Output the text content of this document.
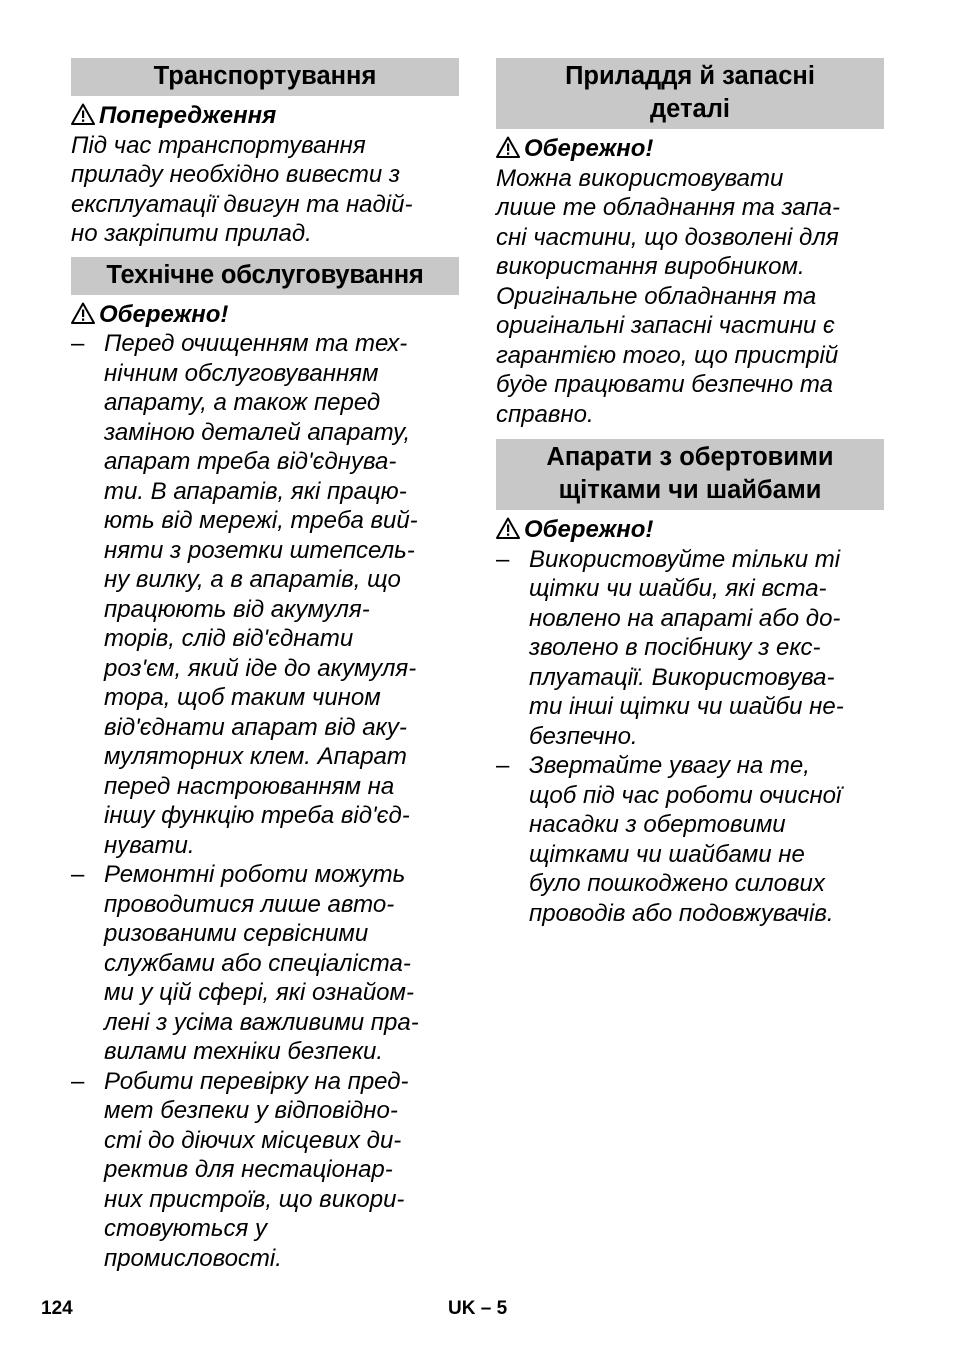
Транспортування
Попередження

Під час транспортування

приладу необхідно вивести з

експлуатації двигун та надій-

но закріпити прилад.

Технічне обслуговування
Обережно!
– Перед очищенням та тех-

нічним обслуговуванням

апарату, а також перед

заміною деталей апарату,

апарат треба від'єднува-

ти. В апаратів, які працю-

ють від мережі, треба вий-

няти з розетки штепсель-

ну вилку, а в апаратів, що

працюють від акумуля-

торів, слід від'єднати

роз'єм, який іде до акумуля-

тора, щоб таким чином

від'єднати апарат від аку-

муляторних клем. Апарат

перед настроюванням на

іншу функцію треба від'єд-

нувати.

– Ремонтні роботи можуть

проводитися лише авто-

ризованими сервісними

службами або спеціаліста-

ми у цій сфері, які ознайом-

лені з усіма важливими пра-

вилами техніки безпеки.

– Робити перевірку на пред-

мет безпеки у відповідно-

сті до діючих місцевих ди-

ректив для нестаціонар-

них пристроїв, що викори-

стовуються у

промисловості.

Приладдя й запасні
деталі
Обережно!

Можна використовувати

лише те обладнання та запа-

сні частини, що дозволені для

використання виробником.

Оригінальне обладнання та

оригінальні запасні частини є

гарантією того, що пристрій

буде працювати безпечно та

справно.

Апарати з обертовими
щітками чи шайбами
Обережно!
– Використовуйте тільки ті

щітки чи шайби, які вста-

новлено на апараті або до-

зволено в посібнику з екс-

плуатації. Використовува-

ти інші щітки чи шайби не-

безпечно.

– Звертайте увагу на те,

щоб під час роботи очисної

насадки з обертовими

щітками чи шайбами не

було пошкоджено силових

проводів або подовжувачів.

124	UK – 5
